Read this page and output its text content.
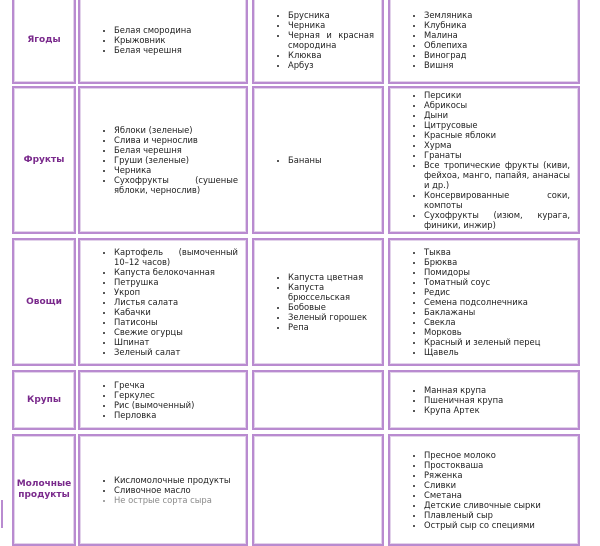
Ягоды
• Белая смородина
• Крыжовник
• Белая черешня
• Брусника
• Черника
• Черная и красная смородина
• Клюква
• Арбуз
• Земляника
• Клубника
• Малина
• Облепиха
• Виноград
• Вишня
Фрукты
• Яблоки (зеленые)
• Слива и чернослив
• Белая черешня
• Груши (зеленые)
• Черника
• Сухофрукты (сушеные яблоки, чернослив)
• Бананы
• Персики
• Абрикосы
• Дыни
• Цитрусовые
• Красные яблоки
• Хурма
• Гранаты
• Все тропические фрукты (киви, фейхоа, манго, папайя, ананасы и др.)
• Консервированные соки, компоты
• Сухофрукты (изюм, курага, финики, инжир)
Овощи
• Картофель (вымоченный 10–12 часов)
• Капуста белокочанная
• Петрушка
• Укроп
• Листья салата
• Кабачки
• Патисоны
• Свежие огурцы
• Шпинат
• Зеленый салат
• Капуста цветная
• Капуста брюссельская
• Бобовые
• Зеленый горошек
• Репа
• Тыква
• Брюква
• Помидоры
• Томатный соус
• Редис
• Семена подсолнечника
• Баклажаны
• Свекла
• Морковь
• Красный и зеленый перец
• Щавель
Крупы
• Гречка
• Геркулес
• Рис (вымоченный)
• Перловка
• Манная крупа
• Пшеничная крупа
• Крупа Артек
Молочные продукты
• Кисломолочные продукты
• Сливочное масло
• Не острые сорта сыра
• Пресное молоко
• Простокваша
• Ряженка
• Сливки
• Сметана
• Детские сливочные сырки
• Плавленый сыр
• Острый сыр со специями
